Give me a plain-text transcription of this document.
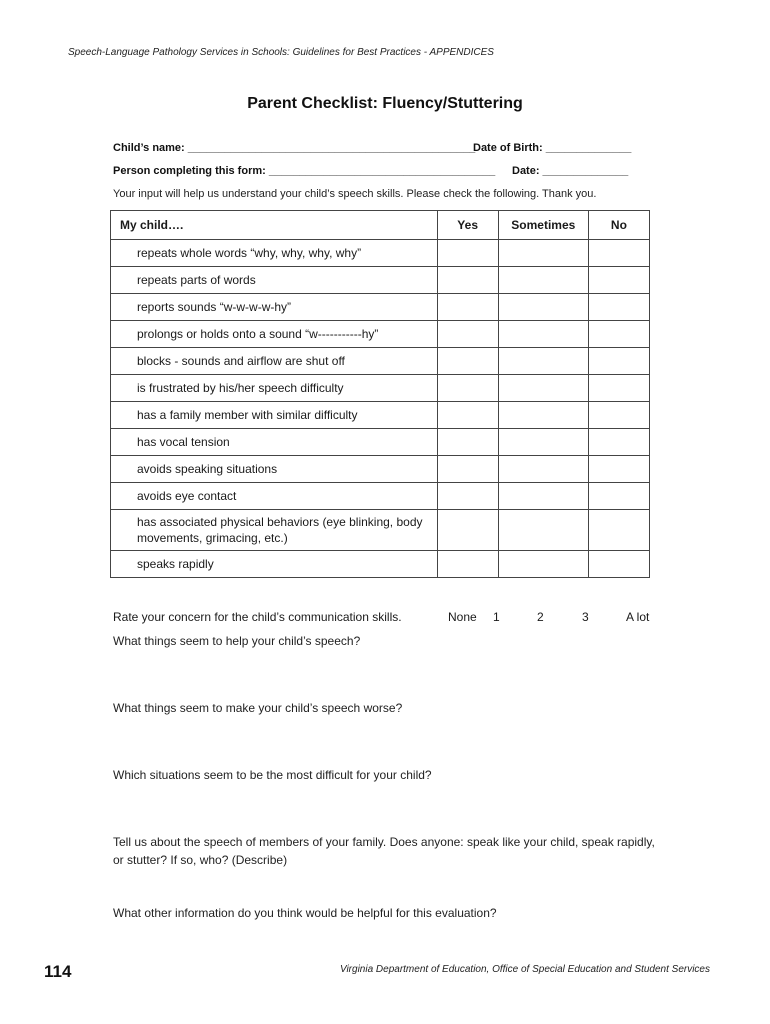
Speech-Language Pathology Services in Schools: Guidelines for Best Practices - APPENDICES
Parent Checklist: Fluency/Stuttering
Child’s name: _______________________________________________
Date of Birth: ______________
Person completing this form: _____________________________________ Date: ______________
Your input will help us understand your child’s speech skills. Please check the following. Thank you.
My child….	Yes	Sometimes	No
repeats whole words “why, why, why, why”			
repeats parts of words			
reports sounds “w-w-w-w-hy”			
prolongs or holds onto a sound “w-----------hy”			
blocks - sounds and airflow are shut off			
is frustrated by his/her speech difficulty			
has a family member with similar difficulty			
has vocal tension			
avoids speaking situations			
avoids eye contact			
has associated physical behaviors (eye blinking, body movements, grimacing, etc.)			
speaks rapidly			
Rate your concern for the child’s communication skills.	None 1	2	3	A lot
What things seem to help your child’s speech?
What things seem to make your child’s speech worse?
Which situations seem to be the most difficult for your child?
Tell us about the speech of members of your family. Does anyone: speak like your child, speak rapidly, or stutter? If so, who? (Describe)
What other information do you think would be helpful for this evaluation?
114	Virginia Department of Education, Office of Special Education and Student Services
